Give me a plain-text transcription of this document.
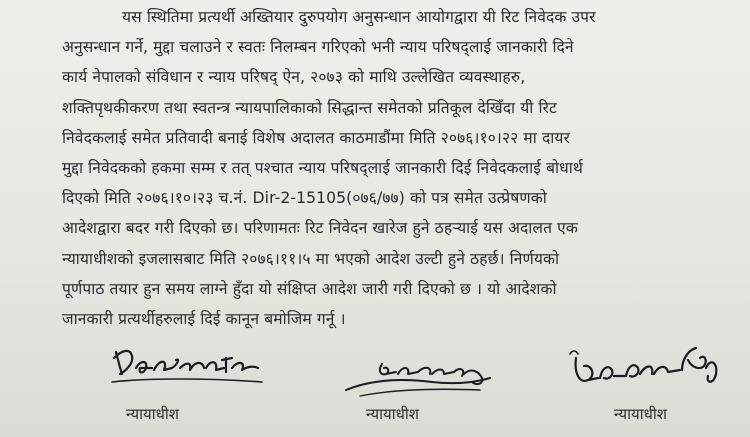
यस स्थितिमा प्रत्यर्थी अख्तियार दुरुपयोग अनुसन्धान आयोगद्वारा यी रिट निवेदक उपर
अनुसन्धान गर्ने, मुद्दा चलाउने र स्वतः निलम्बन गरिएको भनी न्याय परिषद्लाई जानकारी दिने
कार्य नेपालको संविधान र न्याय परिषद् ऐन, २०७३ को माथि उल्लेखित व्यवस्थाहरु,
शक्तिपृथकीकरण तथा स्वतन्त्र न्यायपालिकाको सिद्धान्त समेतको प्रतिकूल देखिँदा यी रिट
निवेदकलाई समेत प्रतिवादी बनाई विशेष अदालत काठमाडौंमा मिति २०७६।१०।२२ मा दायर
मुद्दा निवेदकको हकमा सम्म र तत् पश्चात न्याय परिषद्लाई जानकारी दिई निवेदकलाई बोधार्थ
दिएको मिति २०७६।१०।२३ च.नं. Dir-2-15105(०७६/७७) को पत्र समेत उत्प्रेषणको
आदेशद्वारा बदर गरी दिएको छ। परिणामतः रिट निवेदन खारेज हुने ठहर्‍याई यस अदालत एक
न्यायाधीशको इजलासबाट मिति २०७६।११।५ मा भएको आदेश उल्टी हुने ठहर्छ। निर्णयको
पूर्णपाठ तयार हुन समय लाग्ने हुँदा यो संक्षिप्त आदेश जारी गरी दिएको छ । यो आदेशको
जानकारी प्रत्यर्थीहरुलाई दिई कानून बमोजिम गर्नू ।
न्यायाधीश	न्यायाधीश	न्यायाधीश
